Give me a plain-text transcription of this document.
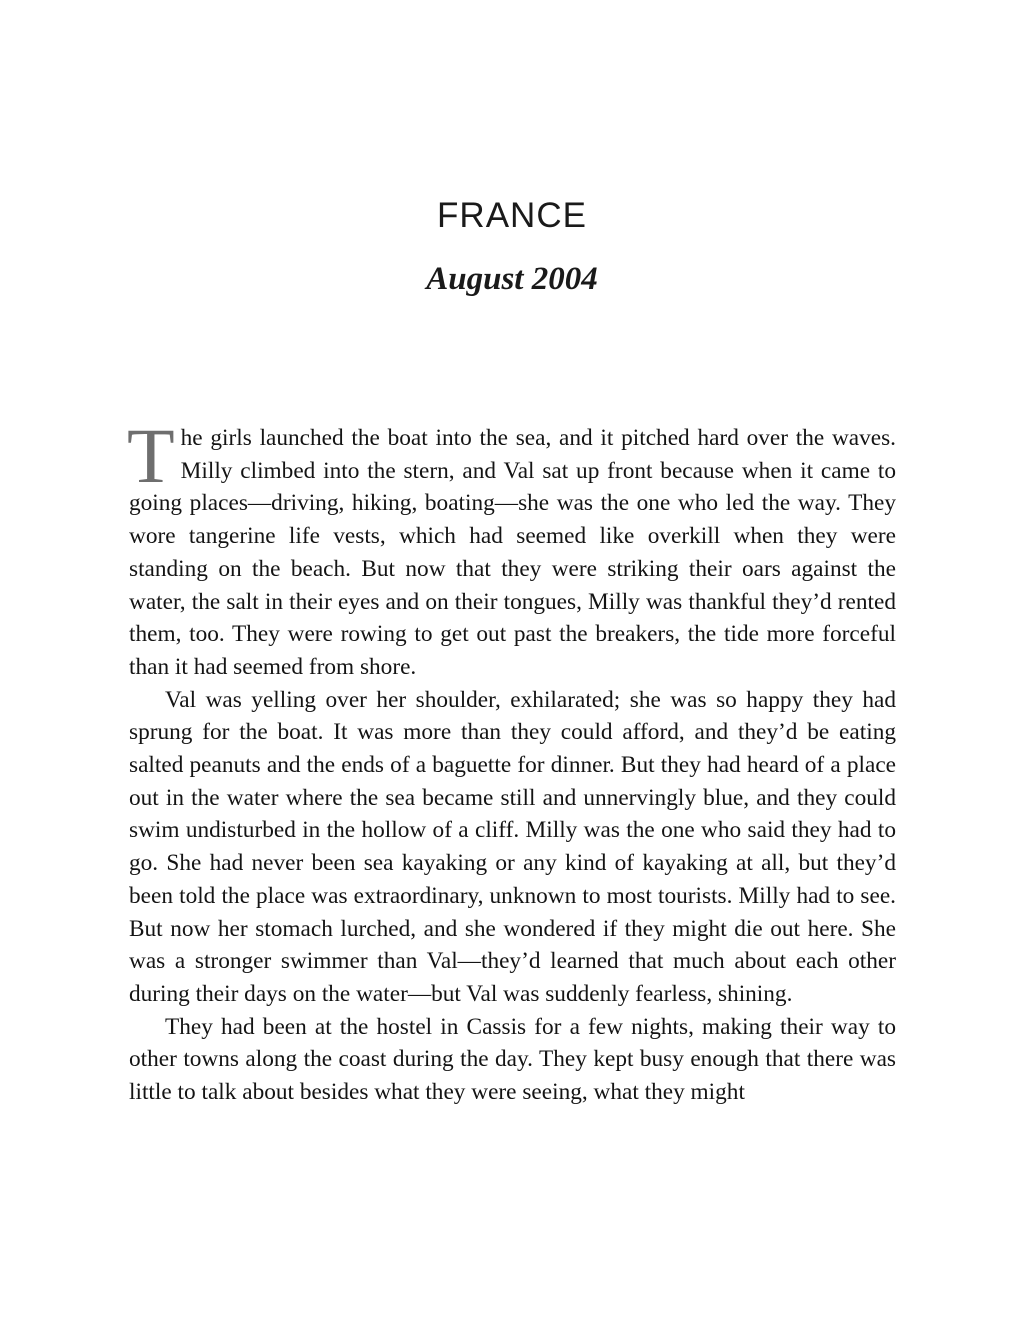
FRANCE
August 2004

The girls launched the boat into the sea, and it pitched hard over the waves. Milly climbed into the stern, and Val sat up front because when it came to going places—driving, hiking, boating—she was the one who led the way. They wore tangerine life vests, which had seemed like overkill when they were standing on the beach. But now that they were striking their oars against the water, the salt in their eyes and on their tongues, Milly was thankful they’d rented them, too. They were rowing to get out past the breakers, the tide more forceful than it had seemed from shore.

Val was yelling over her shoulder, exhilarated; she was so happy they had sprung for the boat. It was more than they could afford, and they’d be eating salted peanuts and the ends of a baguette for dinner. But they had heard of a place out in the water where the sea became still and unnervingly blue, and they could swim undisturbed in the hollow of a cliff. Milly was the one who said they had to go. She had never been sea kayaking or any kind of kayaking at all, but they’d been told the place was extraordinary, unknown to most tourists. Milly had to see. But now her stomach lurched, and she wondered if they might die out here. She was a stronger swimmer than Val—they’d learned that much about each other during their days on the water—but Val was suddenly fearless, shining.

They had been at the hostel in Cassis for a few nights, making their way to other towns along the coast during the day. They kept busy enough that there was little to talk about besides what they were seeing, what they might
